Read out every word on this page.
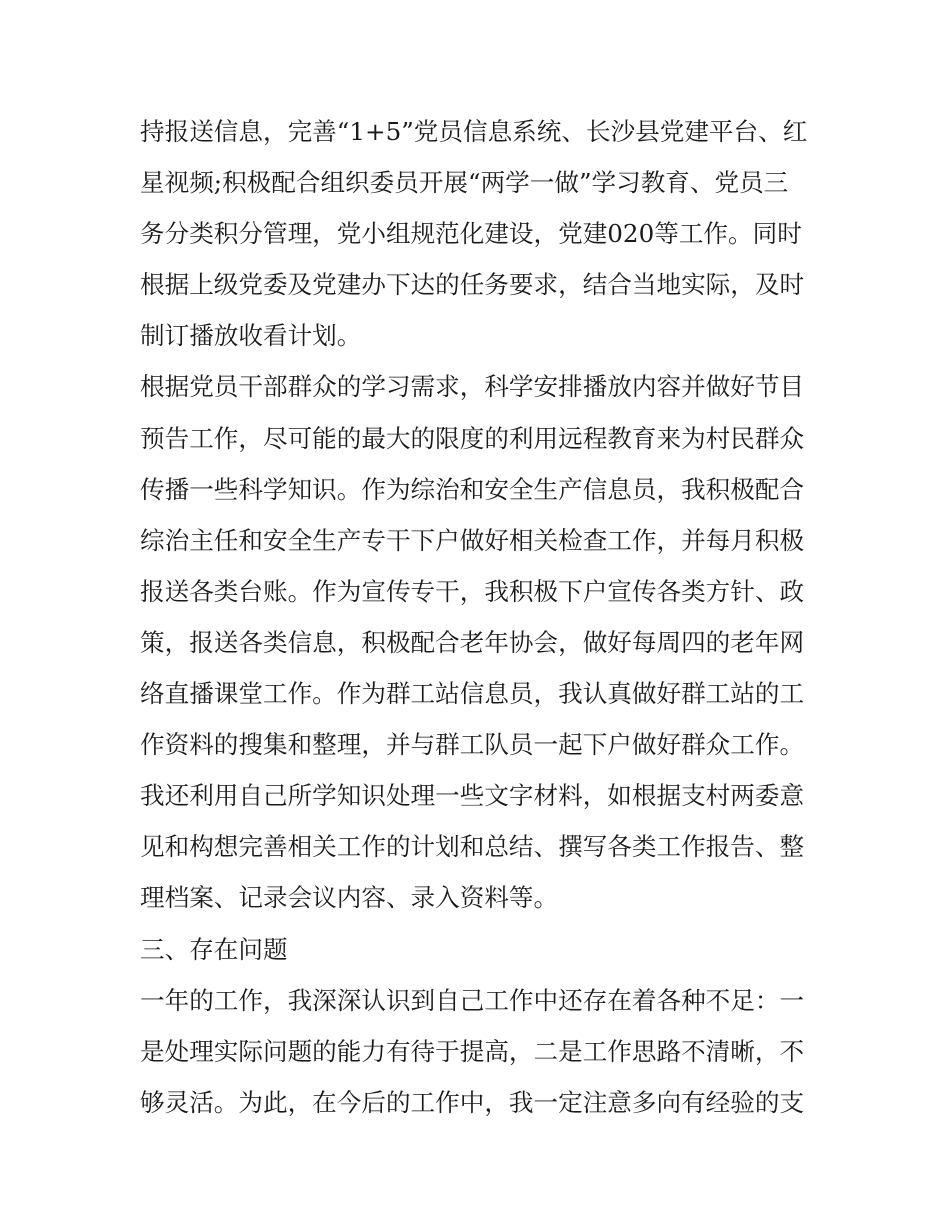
持报送信息，完善“1+5”党员信息系统、长沙县党建平台、红
星视频;积极配合组织委员开展“两学一做”学习教育、党员三
务分类积分管理，党小组规范化建设，党建020等工作。同时
根据上级党委及党建办下达的任务要求，结合当地实际，及时
制订播放收看计划。
根据党员干部群众的学习需求，科学安排播放内容并做好节目
预告工作，尽可能的最大的限度的利用远程教育来为村民群众
传播一些科学知识。作为综治和安全生产信息员，我积极配合
综治主任和安全生产专干下户做好相关检查工作，并每月积极
报送各类台账。作为宣传专干，我积极下户宣传各类方针、政
策，报送各类信息，积极配合老年协会，做好每周四的老年网
络直播课堂工作。作为群工站信息员，我认真做好群工站的工
作资料的搜集和整理，并与群工队员一起下户做好群众工作。
我还利用自己所学知识处理一些文字材料，如根据支村两委意
见和构想完善相关工作的计划和总结、撰写各类工作报告、整
理档案、记录会议内容、录入资料等。
三、存在问题
一年的工作，我深深认识到自己工作中还存在着各种不足：一
是处理实际问题的能力有待于提高，二是工作思路不清晰，不
够灵活。为此，在今后的工作中，我一定注意多向有经验的支
